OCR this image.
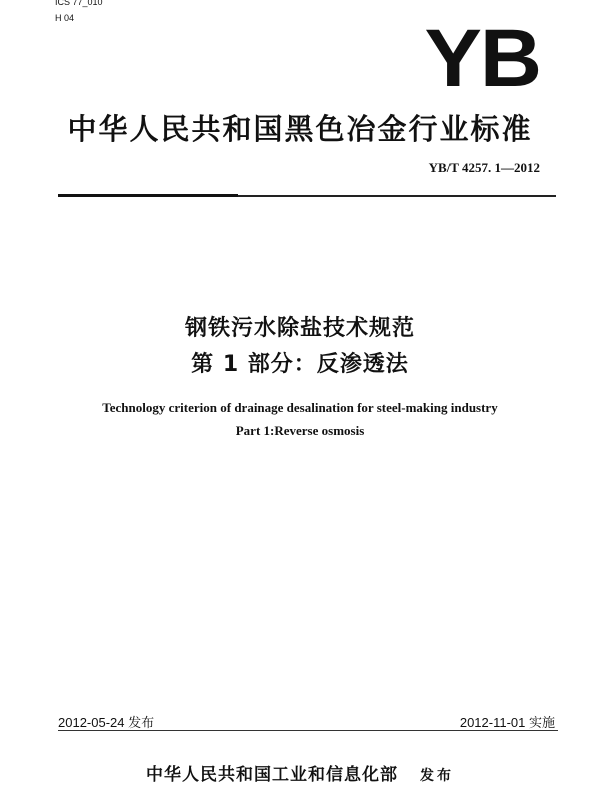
ICS 77_010
H 04	YB
中华人民共和国黑色冶金行业标准
YB/T 4257. 1—2012
钢铁污水除盐技术规范
第 1 部分：反渗透法
Technology criterion of drainage desalination for steel-making industry
Part 1:Reverse osmosis
2012-05-24 发布	2012-11-01 实施
中华人民共和国工业和信息化部 发布
